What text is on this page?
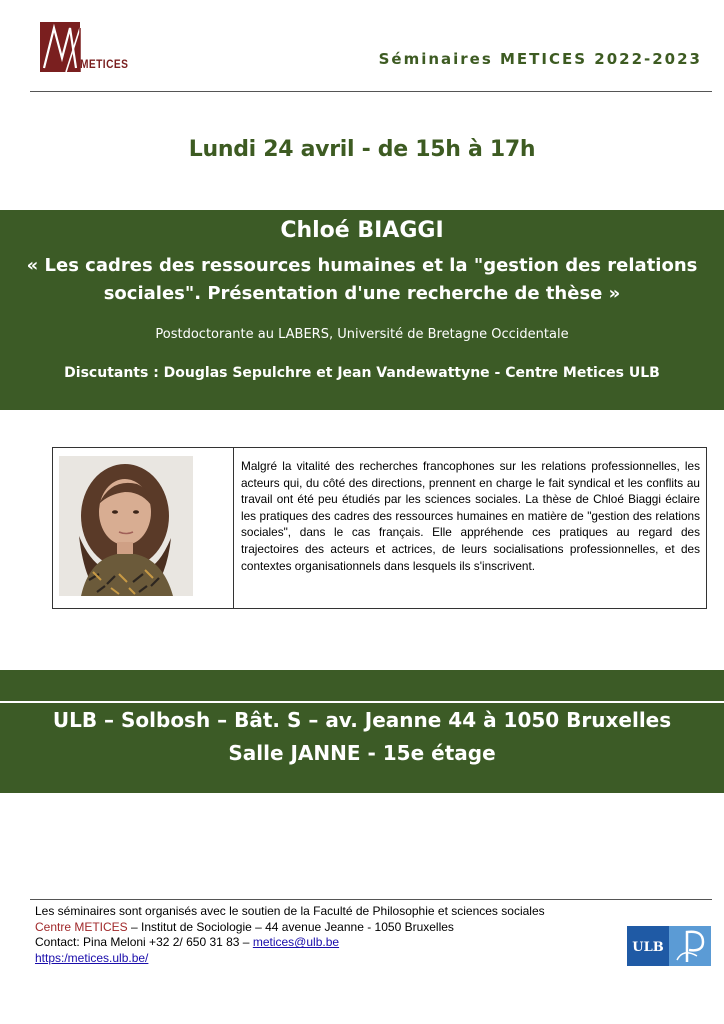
METICES	Séminaires METICES 2022-2023
Lundi 24 avril - de 15h à 17h
Chloé BIAGGI
« Les cadres des ressources humaines et la "gestion des relations sociales". Présentation d'une recherche de thèse »
Postdoctorante au LABERS, Université de Bretagne Occidentale
Discutants : Douglas Sepulchre et Jean Vandewattyne - Centre Metices ULB
Malgré la vitalité des recherches francophones sur les relations professionnelles, les acteurs qui, du côté des directions, prennent en charge le fait syndical et les conflits au travail ont été peu étudiés par les sciences sociales. La thèse de Chloé Biaggi éclaire les pratiques des cadres des ressources humaines en matière de "gestion des relations sociales", dans le cas français. Elle appréhende ces pratiques au regard des trajectoires des acteurs et actrices, de leurs socialisations professionnelles, et des contextes organisationnels dans lesquels ils s'inscrivent.
ULB – Solbosh – Bât. S – av. Jeanne 44 à 1050 Bruxelles
Salle JANNE - 15e étage
Les séminaires sont organisés avec le soutien de la Faculté de Philosophie et sciences sociales
Centre METICES – Institut de Sociologie – 44 avenue Jeanne - 1050 Bruxelles
Contact: Pina Meloni +32 2/ 650 31 83 – metices@ulb.be
https:/metices.ulb.be/
ULB
